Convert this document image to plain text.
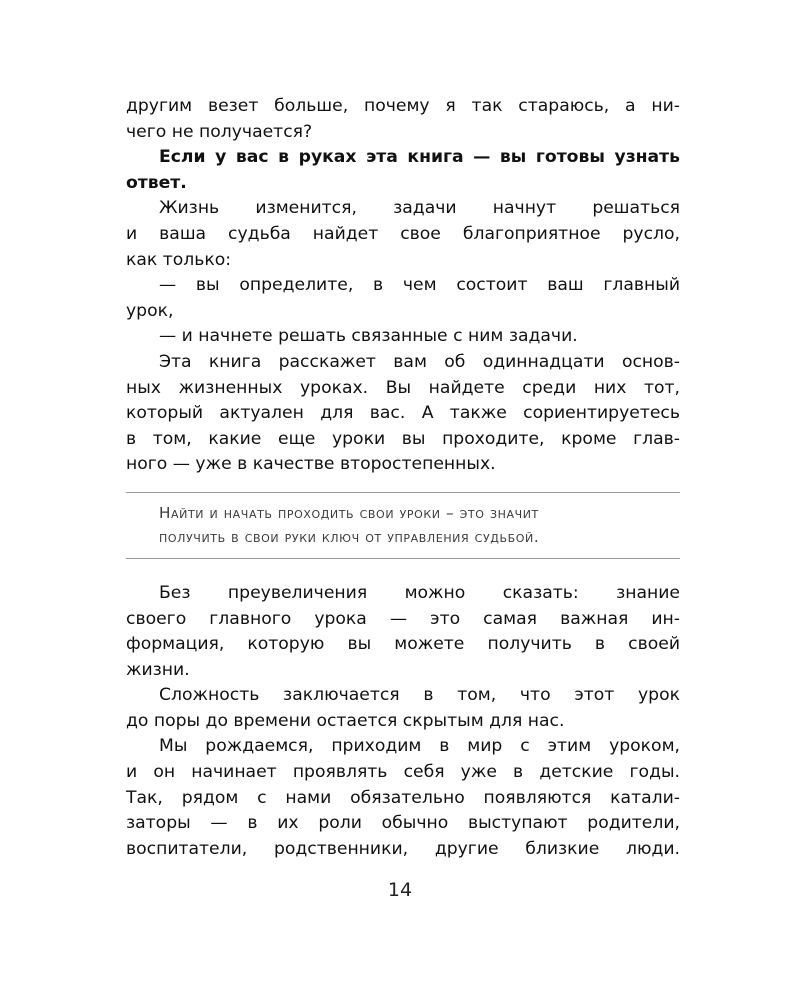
другим везет больше, почему я так стараюсь, а ни-
чего не получается?
Если у вас в руках эта книга — вы готовы узнать
ответ.
Жизнь изменится, задачи начнут решаться
и ваша судьба найдет свое благоприятное русло,
как только:
— вы определите, в чем состоит ваш главный
урок,
— и начнете решать связанные с ним задачи.
Эта книга расскажет вам об одиннадцати основ-
ных жизненных уроках. Вы найдете среди них тот,
который актуален для вас. А также сориентируетесь
в том, какие еще уроки вы проходите, кроме глав-
ного — уже в качестве второстепенных.
Найти и начать проходить свои уроки – это значит
получить в свои руки ключ от управления судьбой.
Без преувеличения можно сказать: знание
своего главного урока — это самая важная ин-
формация, которую вы можете получить в своей
жизни.
Сложность заключается в том, что этот урок
до поры до времени остается скрытым для нас.
Мы рождаемся, приходим в мир с этим уроком,
и он начинает проявлять себя уже в детские годы.
Так, рядом с нами обязательно появляются катали-
заторы — в их роли обычно выступают родители,
воспитатели, родственники, другие близкие люди.
14
